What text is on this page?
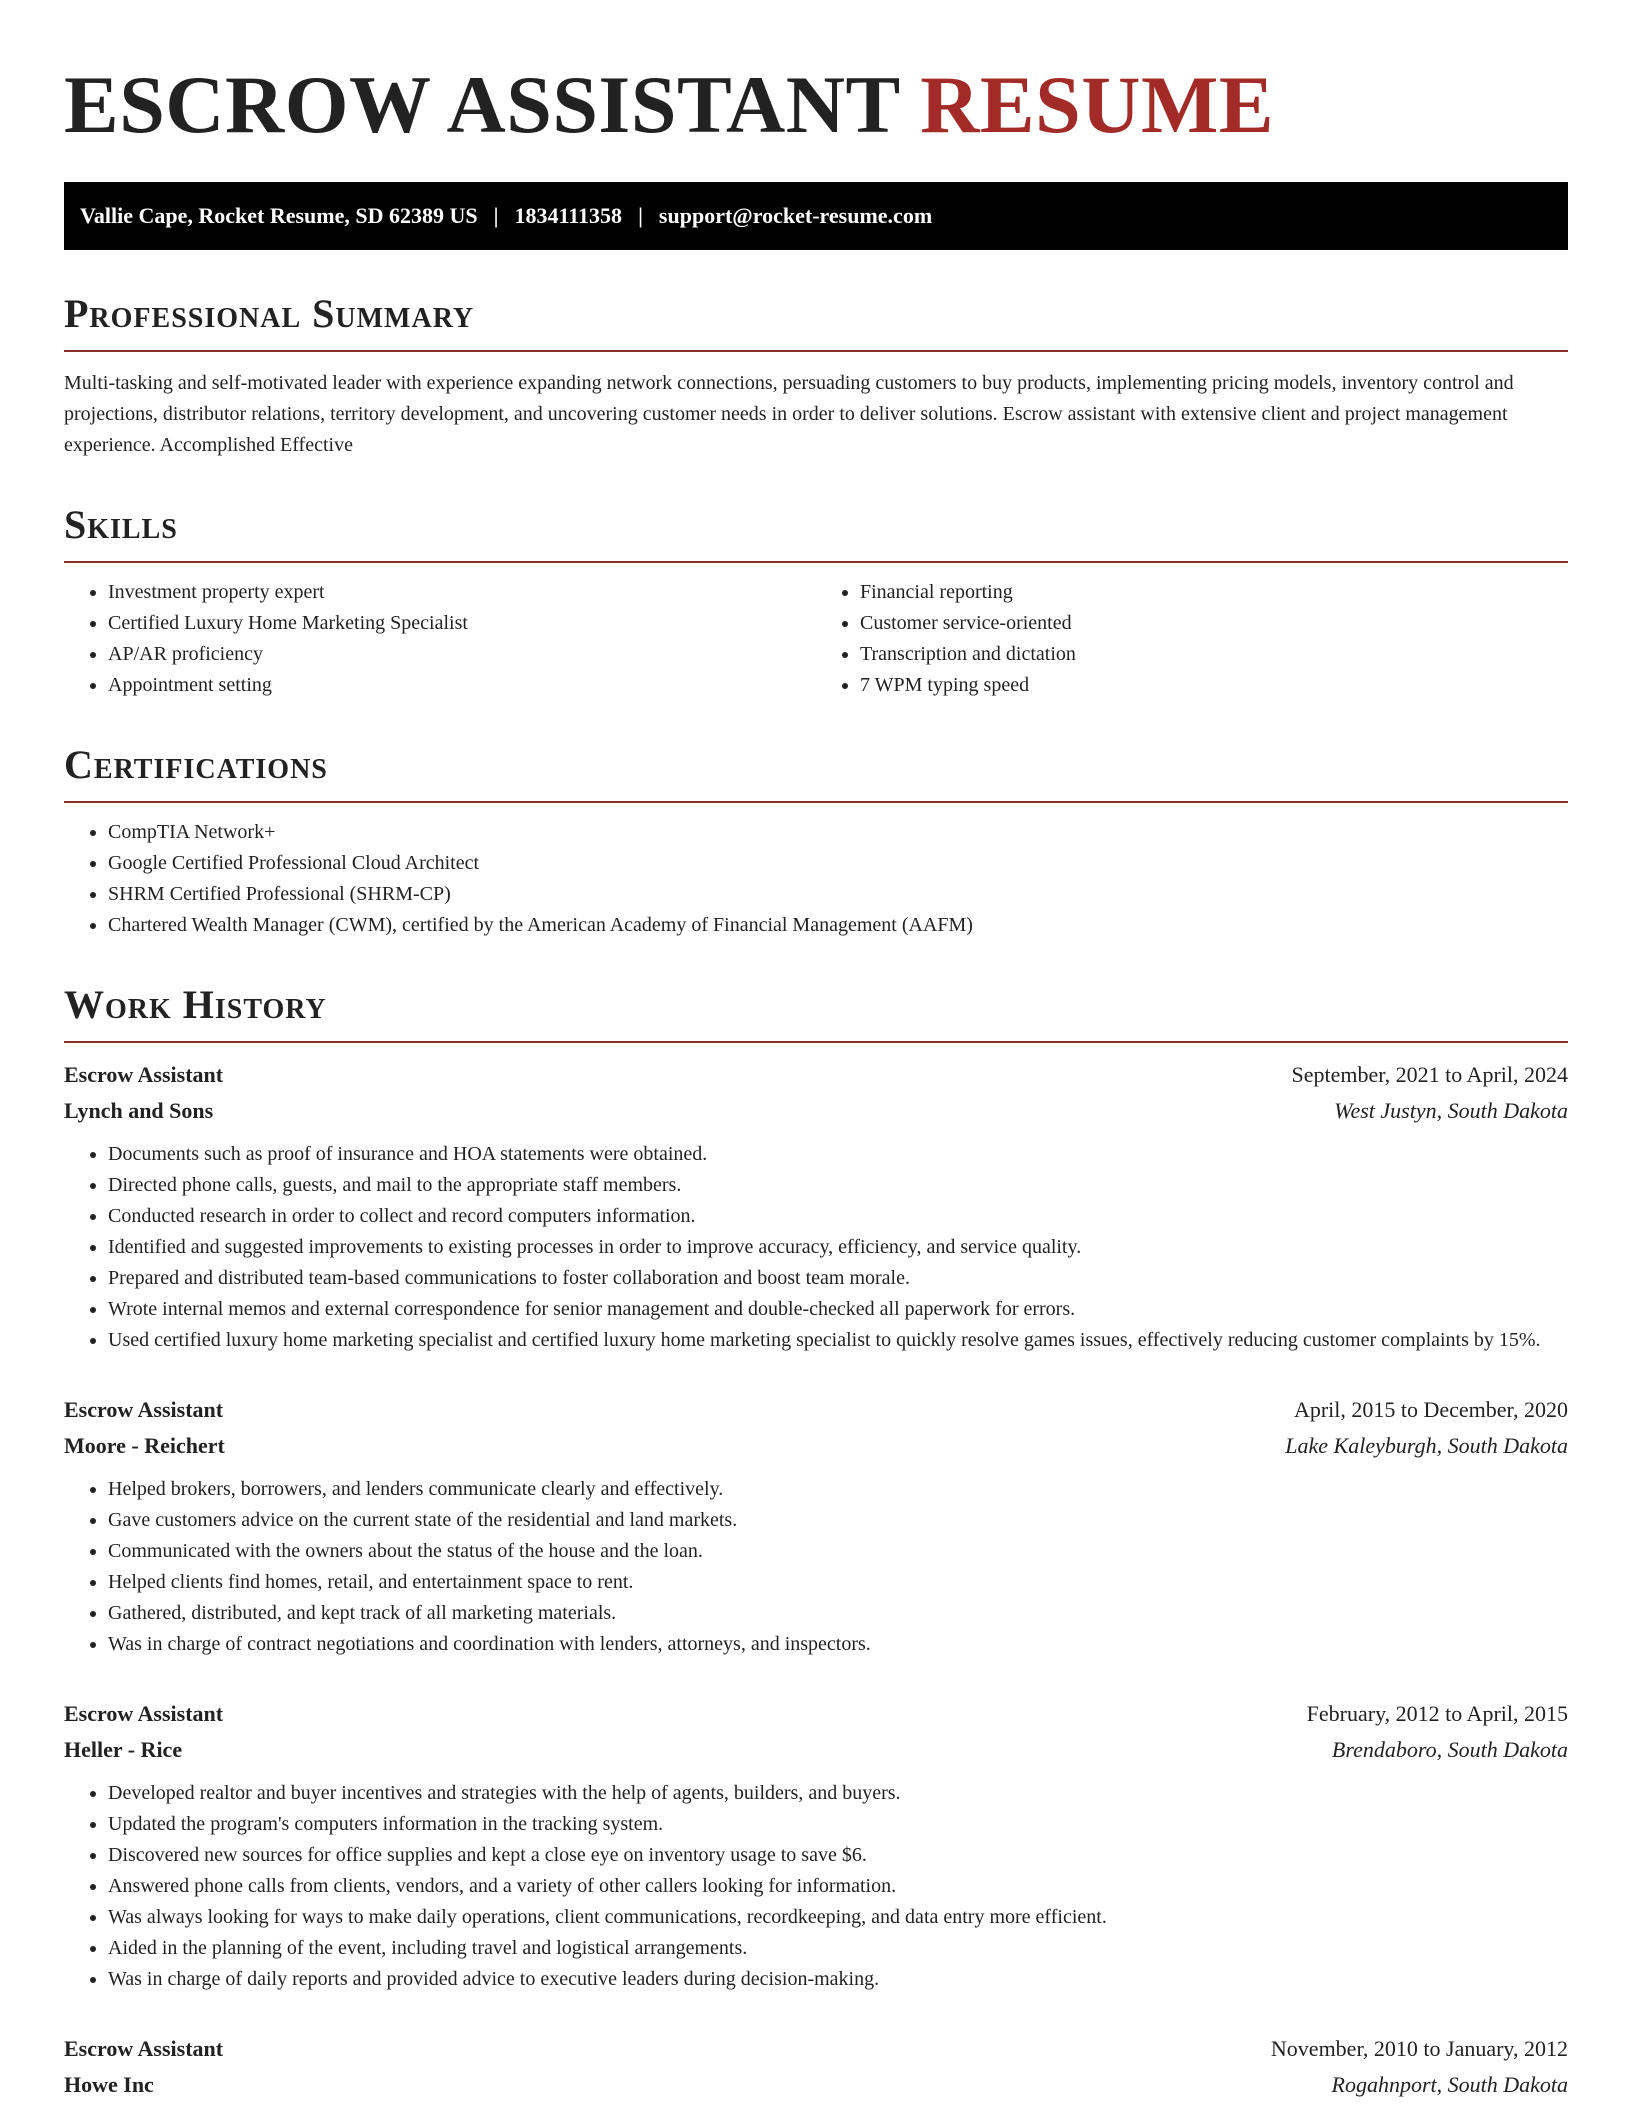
ESCROW ASSISTANT RESUME
Vallie Cape, Rocket Resume, SD 62389 US | 1834111358 | support@rocket-resume.com
Professional Summary
Multi-tasking and self-motivated leader with experience expanding network connections, persuading customers to buy products, implementing pricing models, inventory control and projections, distributor relations, territory development, and uncovering customer needs in order to deliver solutions. Escrow assistant with extensive client and project management experience. Accomplished Effective
Skills
• Investment property expert
• Certified Luxury Home Marketing Specialist
• AP/AR proficiency
• Appointment setting
• Financial reporting
• Customer service-oriented
• Transcription and dictation
• 7 WPM typing speed
Certifications
• CompTIA Network+
• Google Certified Professional Cloud Architect
• SHRM Certified Professional (SHRM-CP)
• Chartered Wealth Manager (CWM), certified by the American Academy of Financial Management (AAFM)
Work History
Escrow Assistant	September, 2021 to April, 2024
Lynch and Sons	West Justyn, South Dakota
• Documents such as proof of insurance and HOA statements were obtained.
• Directed phone calls, guests, and mail to the appropriate staff members.
• Conducted research in order to collect and record computers information.
• Identified and suggested improvements to existing processes in order to improve accuracy, efficiency, and service quality.
• Prepared and distributed team-based communications to foster collaboration and boost team morale.
• Wrote internal memos and external correspondence for senior management and double-checked all paperwork for errors.
• Used certified luxury home marketing specialist and certified luxury home marketing specialist to quickly resolve games issues, effectively reducing customer complaints by 15%.
Escrow Assistant	April, 2015 to December, 2020
Moore - Reichert	Lake Kaleyburgh, South Dakota
• Helped brokers, borrowers, and lenders communicate clearly and effectively.
• Gave customers advice on the current state of the residential and land markets.
• Communicated with the owners about the status of the house and the loan.
• Helped clients find homes, retail, and entertainment space to rent.
• Gathered, distributed, and kept track of all marketing materials.
• Was in charge of contract negotiations and coordination with lenders, attorneys, and inspectors.
Escrow Assistant	February, 2012 to April, 2015
Heller - Rice	Brendaboro, South Dakota
• Developed realtor and buyer incentives and strategies with the help of agents, builders, and buyers.
• Updated the program's computers information in the tracking system.
• Discovered new sources for office supplies and kept a close eye on inventory usage to save $6.
• Answered phone calls from clients, vendors, and a variety of other callers looking for information.
• Was always looking for ways to make daily operations, client communications, recordkeeping, and data entry more efficient.
• Aided in the planning of the event, including travel and logistical arrangements.
• Was in charge of daily reports and provided advice to executive leaders during decision-making.
Escrow Assistant	November, 2010 to January, 2012
Howe Inc	Rogahnport, South Dakota
